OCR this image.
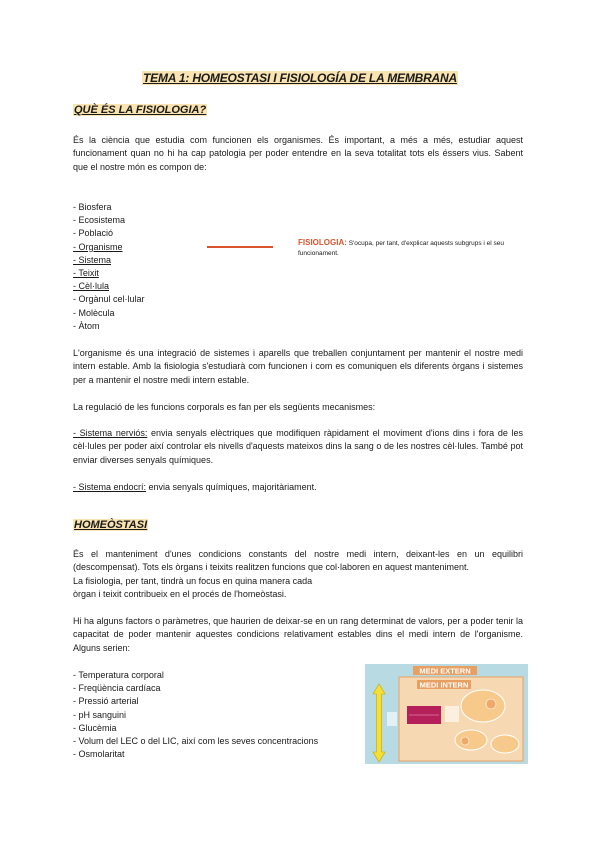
TEMA 1: HOMEOSTASI I FISIOLOGÍA DE LA MEMBRANA
QUÈ ÉS LA FISIOLOGIA?
És la ciència que estudia com funcionen els organismes. És important, a més a més, estudiar aquest funcionament quan no hi ha cap patologia per poder entendre en la seva totalitat tots els éssers vius. Sabent que el nostre món es compon de:
- Biosfera
- Ecosistema
- Població
- Organisme
- Sistema
- Teixit
- Cèl·lula
- Orgànul cel·lular
- Molècula
- Àtom
FISIOLOGIA: S'ocupa, per tant, d'explicar aquests subgrups i el seu funcionament.
L'organisme és una integració de sistemes i aparells que treballen conjuntament per mantenir el nostre medi intern estable. Amb la fisiologia s'estudiarà com funcionen i com es comuniquen els diferents òrgans i sistemes per a mantenir el nostre medi intern estable.
La regulació de les funcions corporals es fan per els següents mecanismes:
- Sistema nerviós: envia senyals elèctriques que modifiquen ràpidament el moviment d'ions dins i fora de les cèl·lules per poder així controlar els nivells d'aquests mateixos dins la sang o de les nostres cèl·lules. També pot enviar diverses senyals químiques.
- Sistema endocrí: envia senyals químiques, majoritàriament.
HOMEÒSTASI
És el manteniment d'unes condicions constants del nostre medi intern, deixant-les en un equilibri (descompensat). Tots els òrgans i teixits realitzen funcions que col·laboren en aquest manteniment.
La fisiologia, per tant, tindrà un focus en quina manera cada
òrgan i teixit contribueix en el procés de l'homeòstasi.
Hi ha alguns factors o paràmetres, que haurien de deixar-se en un rang determinat de valors, per a poder tenir la capacitat de poder mantenir aquestes condicions relativament estables dins el medi intern de l'organisme. Alguns serien:
- Temperatura corporal
- Freqüència cardíaca
- Pressió arterial
- pH sanguini
- Glucèmia
- Volum del LEC o del LIC, així com les seves concentracions
- Osmolaritat
MEDI EXTERN
MEDI INTERN
